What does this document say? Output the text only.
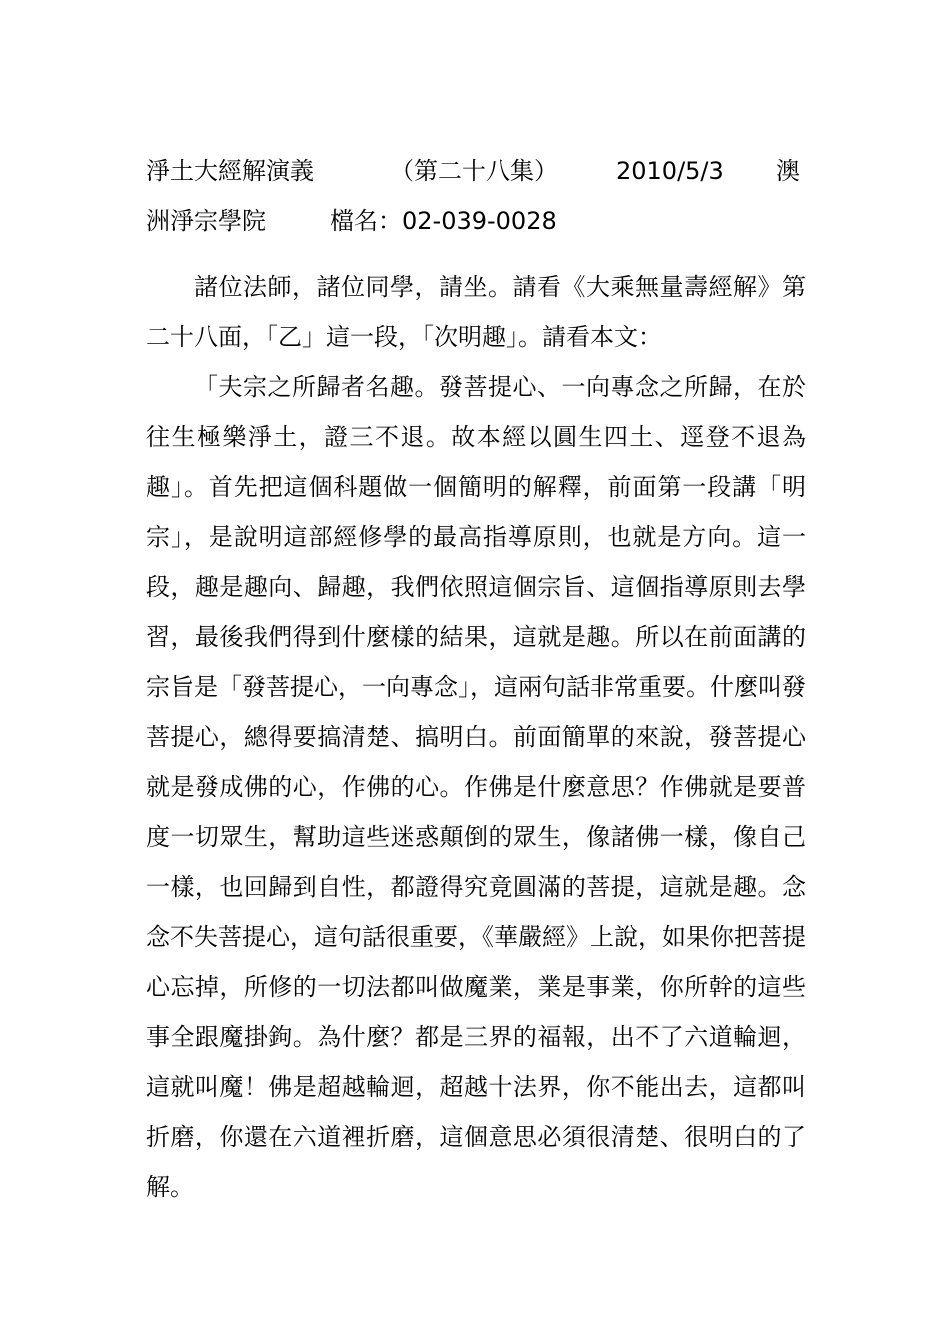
淨土大經解演義	（第二十八集） 2010/5/3 澳
洲淨宗學院	檔名：02-039-0028

諸位法師，諸位同學，請坐。請看《大乘無量壽經解》第二十八面，「乙」這一段，「次明趣」。請看本文：

「夫宗之所歸者名趣。發菩提心、一向專念之所歸，在於往生極樂淨土，證三不退。故本經以圓生四土、逕登不退為趣」。首先把這個科題做一個簡明的解釋，前面第一段講「明宗」，是說明這部經修學的最高指導原則，也就是方向。這一段，趣是趣向、歸趣，我們依照這個宗旨、這個指導原則去學習，最後我們得到什麼樣的結果，這就是趣。所以在前面講的宗旨是「發菩提心，一向專念」，這兩句話非常重要。什麼叫發菩提心，總得要搞清楚、搞明白。前面簡單的來說，發菩提心就是發成佛的心，作佛的心。作佛是什麼意思？作佛就是要普度一切眾生，幫助這些迷惑顛倒的眾生，像諸佛一樣，像自己一樣，也回歸到自性，都證得究竟圓滿的菩提，這就是趣。念念不失菩提心，這句話很重要，《華嚴經》上說，如果你把菩提心忘掉，所修的一切法都叫做魔業，業是事業，你所幹的這些事全跟魔掛鉤。為什麼？都是三界的福報，出不了六道輪迴，這就叫魔！佛是超越輪迴，超越十法界，你不能出去，這都叫折磨，你還在六道裡折磨，這個意思必須很清楚、很明白的了解。
